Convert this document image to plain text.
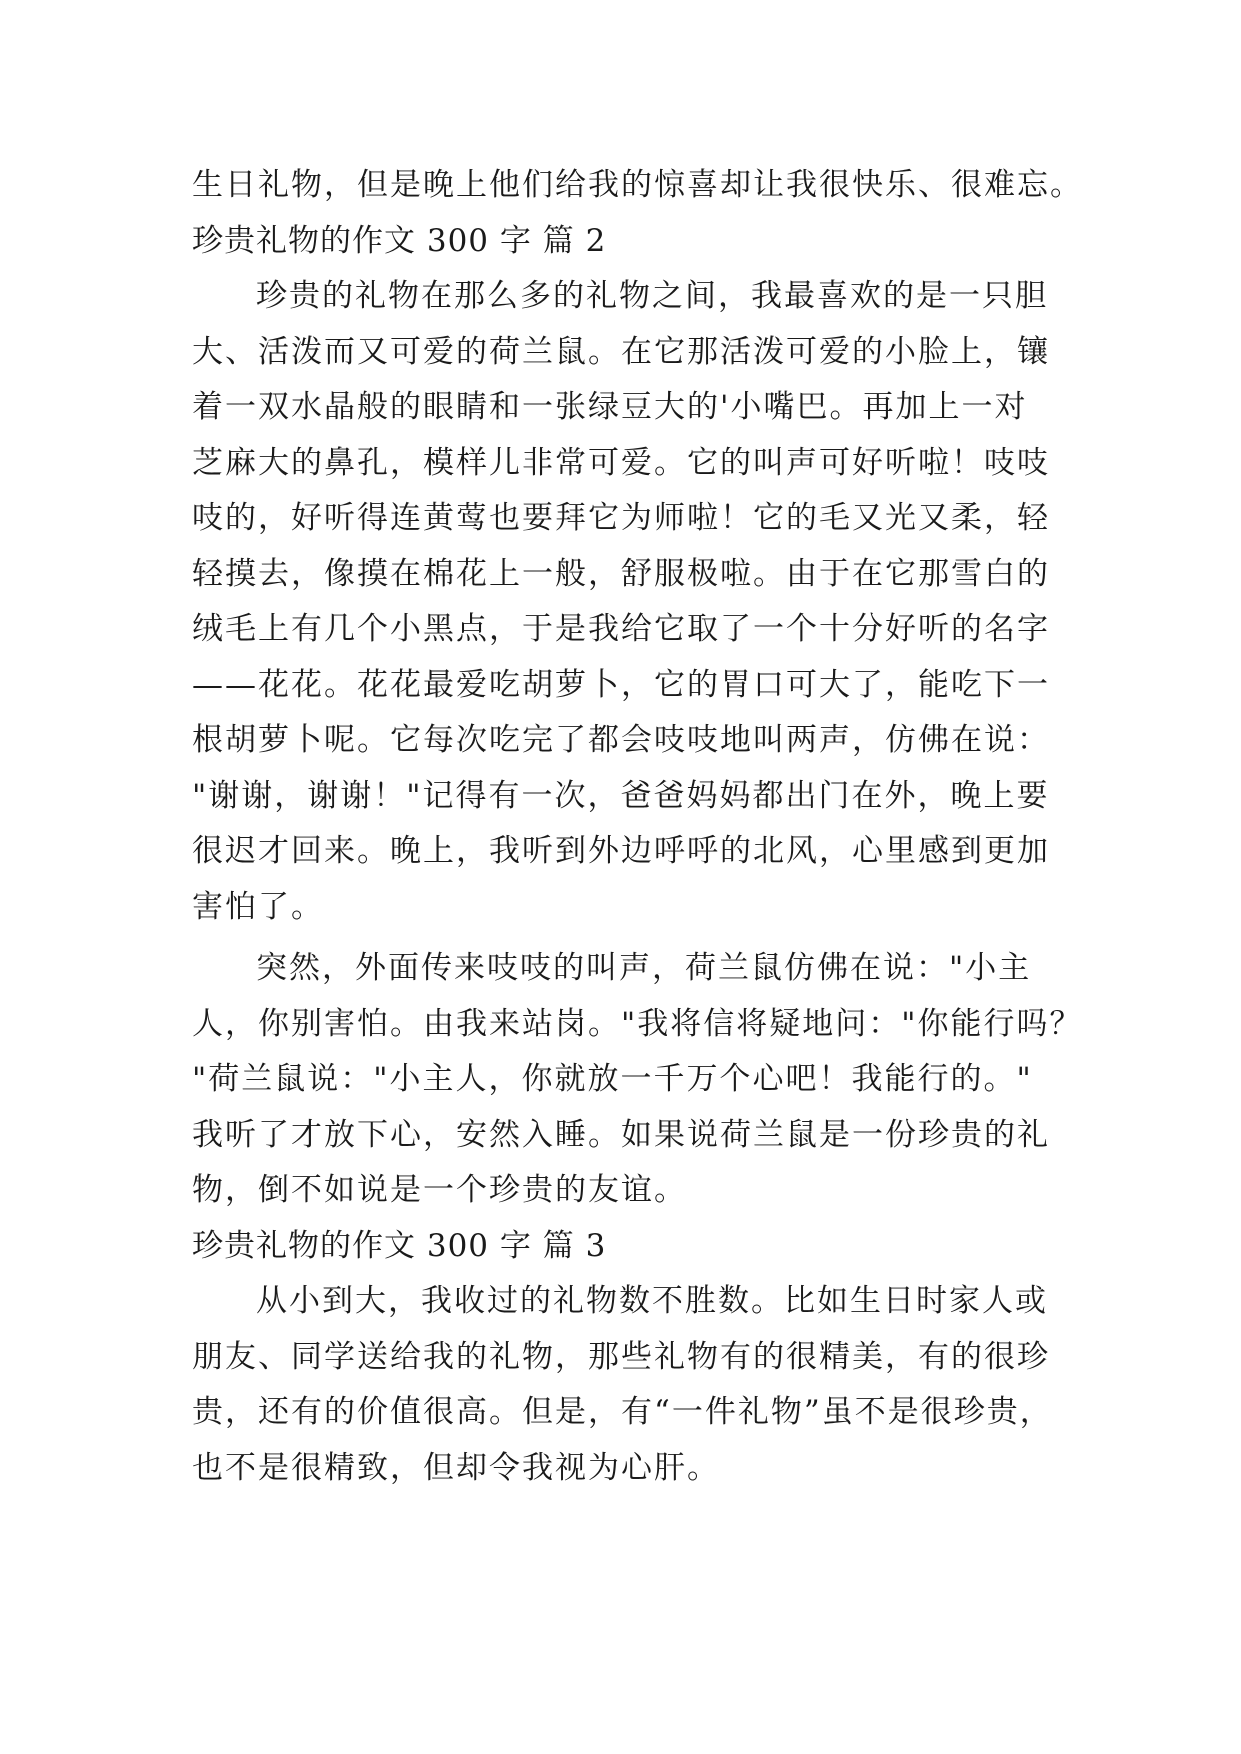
生日礼物，但是晚上他们给我的惊喜却让我很快乐、很难忘。
珍贵礼物的作文 300 字 篇 2
珍贵的礼物在那么多的礼物之间，我最喜欢的是一只胆
大、活泼而又可爱的荷兰鼠。在它那活泼可爱的小脸上，镶
着一双水晶般的眼睛和一张绿豆大的'小嘴巴。再加上一对
芝麻大的鼻孔，模样儿非常可爱。它的叫声可好听啦！吱吱
吱的，好听得连黄莺也要拜它为师啦！它的毛又光又柔，轻
轻摸去，像摸在棉花上一般，舒服极啦。由于在它那雪白的
绒毛上有几个小黑点，于是我给它取了一个十分好听的名字
——花花。花花最爱吃胡萝卜，它的胃口可大了，能吃下一
根胡萝卜呢。它每次吃完了都会吱吱地叫两声，仿佛在说：
"谢谢，谢谢！"记得有一次，爸爸妈妈都出门在外，晚上要
很迟才回来。晚上，我听到外边呼呼的北风，心里感到更加
害怕了。
突然，外面传来吱吱的叫声，荷兰鼠仿佛在说："小主
人，你别害怕。由我来站岗。"我将信将疑地问："你能行吗？
"荷兰鼠说："小主人，你就放一千万个心吧！我能行的。"
我听了才放下心，安然入睡。如果说荷兰鼠是一份珍贵的礼
物，倒不如说是一个珍贵的友谊。
珍贵礼物的作文 300 字 篇 3
从小到大，我收过的礼物数不胜数。比如生日时家人或
朋友、同学送给我的礼物，那些礼物有的很精美，有的很珍
贵，还有的价值很高。但是，有“一件礼物”虽不是很珍贵，
也不是很精致，但却令我视为心肝。
